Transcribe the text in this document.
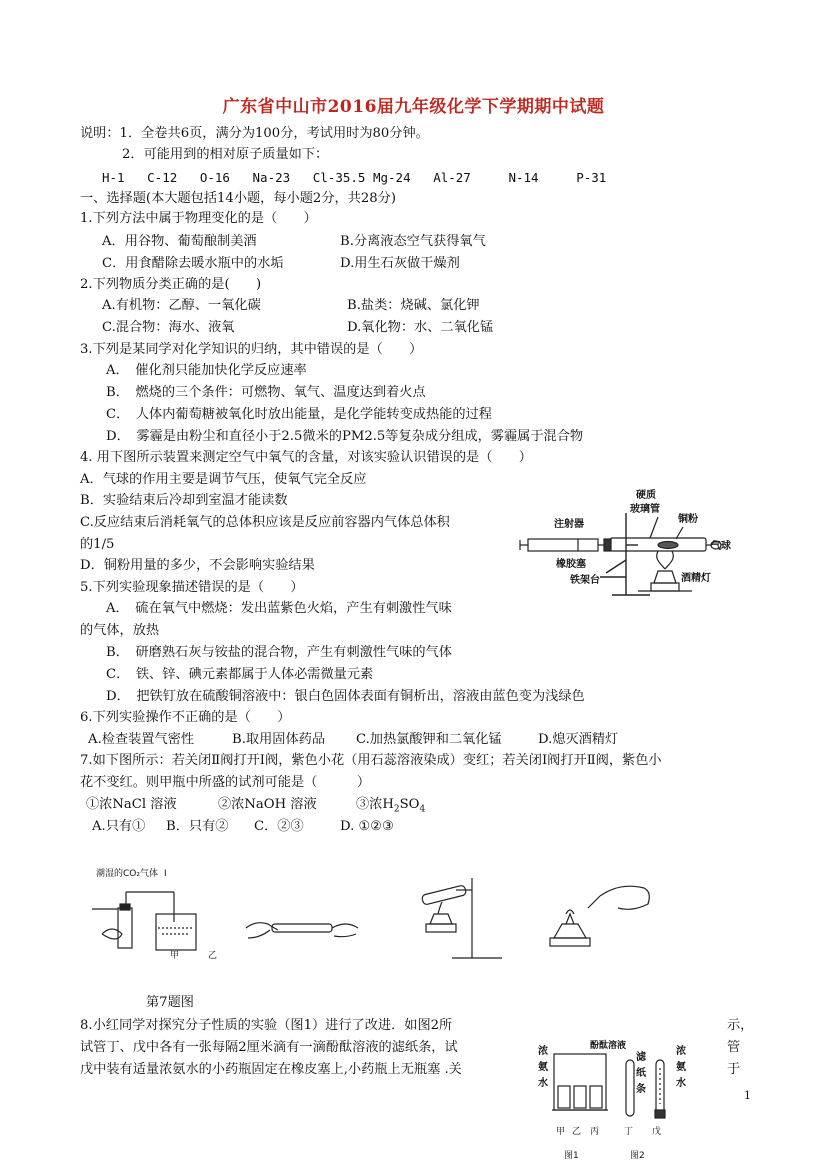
广东省中山市2016届九年级化学下学期期中试题
说明：1．全卷共6页，满分为100分，考试用时为80分钟。
2．可能用到的相对原子质量如下：
H-1 C-12 O-16 Na-23 Cl-35.5 Mg-24 Al-27	N-14	P-31
一、选择题(本大题包括14小题，每小题2分，共28分)
1.下列方法中属于物理变化的是（　　）
A．用谷物、葡萄酿制美酒	B.分离液态空气获得氧气
C．用食醋除去暖水瓶中的水垢	D.用生石灰做干燥剂
2.下列物质分类正确的是(　　)
A.有机物：乙醇、一氧化碳	B.盐类：烧碱、氯化钾
C.混合物：海水、液氧	D.氧化物：水、二氧化锰
3.下列是某同学对化学知识的归纳，其中错误的是（　　）
A．　催化剂只能加快化学反应速率
B．　燃烧的三个条件：可燃物、氧气、温度达到着火点
C．　人体内葡萄糖被氧化时放出能量，是化学能转变成热能的过程
D．　雾霾是由粉尘和直径小于2.5微米的PM2.5等复杂成分组成，雾霾属于混合物
4. 用下图所示装置来测定空气中氧气的含量，对该实验认识错误的是（　　）
A．气球的作用主要是调节气压，使氧气完全反应
B．实验结束后冷却到室温才能读数
C.反应结束后消耗氧气的总体积应该是反应前容器内气体总体积
的1/5
D．铜粉用量的多少，不会影响实验结果
硬质
玻璃管
注射器	铜粉
气球
橡胶塞
铁架台	酒精灯
5.下列实验现象描述错误的是（　　）
A．　硫在氧气中燃烧：发出蓝紫色火焰，产生有刺激性气味
的气体，放热
B．　研磨熟石灰与铵盐的混合物，产生有刺激性气味的气体
C．　铁、锌、碘元素都属于人体必需微量元素
D．　把铁钉放在硫酸铜溶液中：银白色固体表面有铜析出，溶液由蓝色变为浅绿色
6.下列实验操作不正确的是（　　）
A.检查装置气密性	B.取用固体药品 C.加热氯酸钾和二氧化锰	D.熄灭酒精灯
7.如下图所示：若关闭Ⅱ阀打开Ⅰ阀，紫色小花（用石蕊溶液染成）变红；若关闭Ⅰ阀打开Ⅱ阀，紫色小
花不变红。则甲瓶中所盛的试剂可能是（　　　）
①浓NaCl 溶液	②浓NaOH 溶液	③浓$H_2SO_4$
A.只有① B．只有② C．②③	D. ①②③
潮湿的CO₂气体 Ⅰ
甲	乙
第7题图
8.小红同学对探究分子性质的实验（图1）进行了改进．如图2所	示，
试管丁、戊中各有一张每隔2厘米滴有一滴酚酞溶液的滤纸条，试	管
戊中装有适量浓氨水的小药瓶固定在橡皮塞上,小药瓶上无瓶塞 .关	于
浓
氨
水
酚酞溶液
滤
纸
条
浓
氨
水
甲 乙 丙	丁 戊
图1	图2
1
